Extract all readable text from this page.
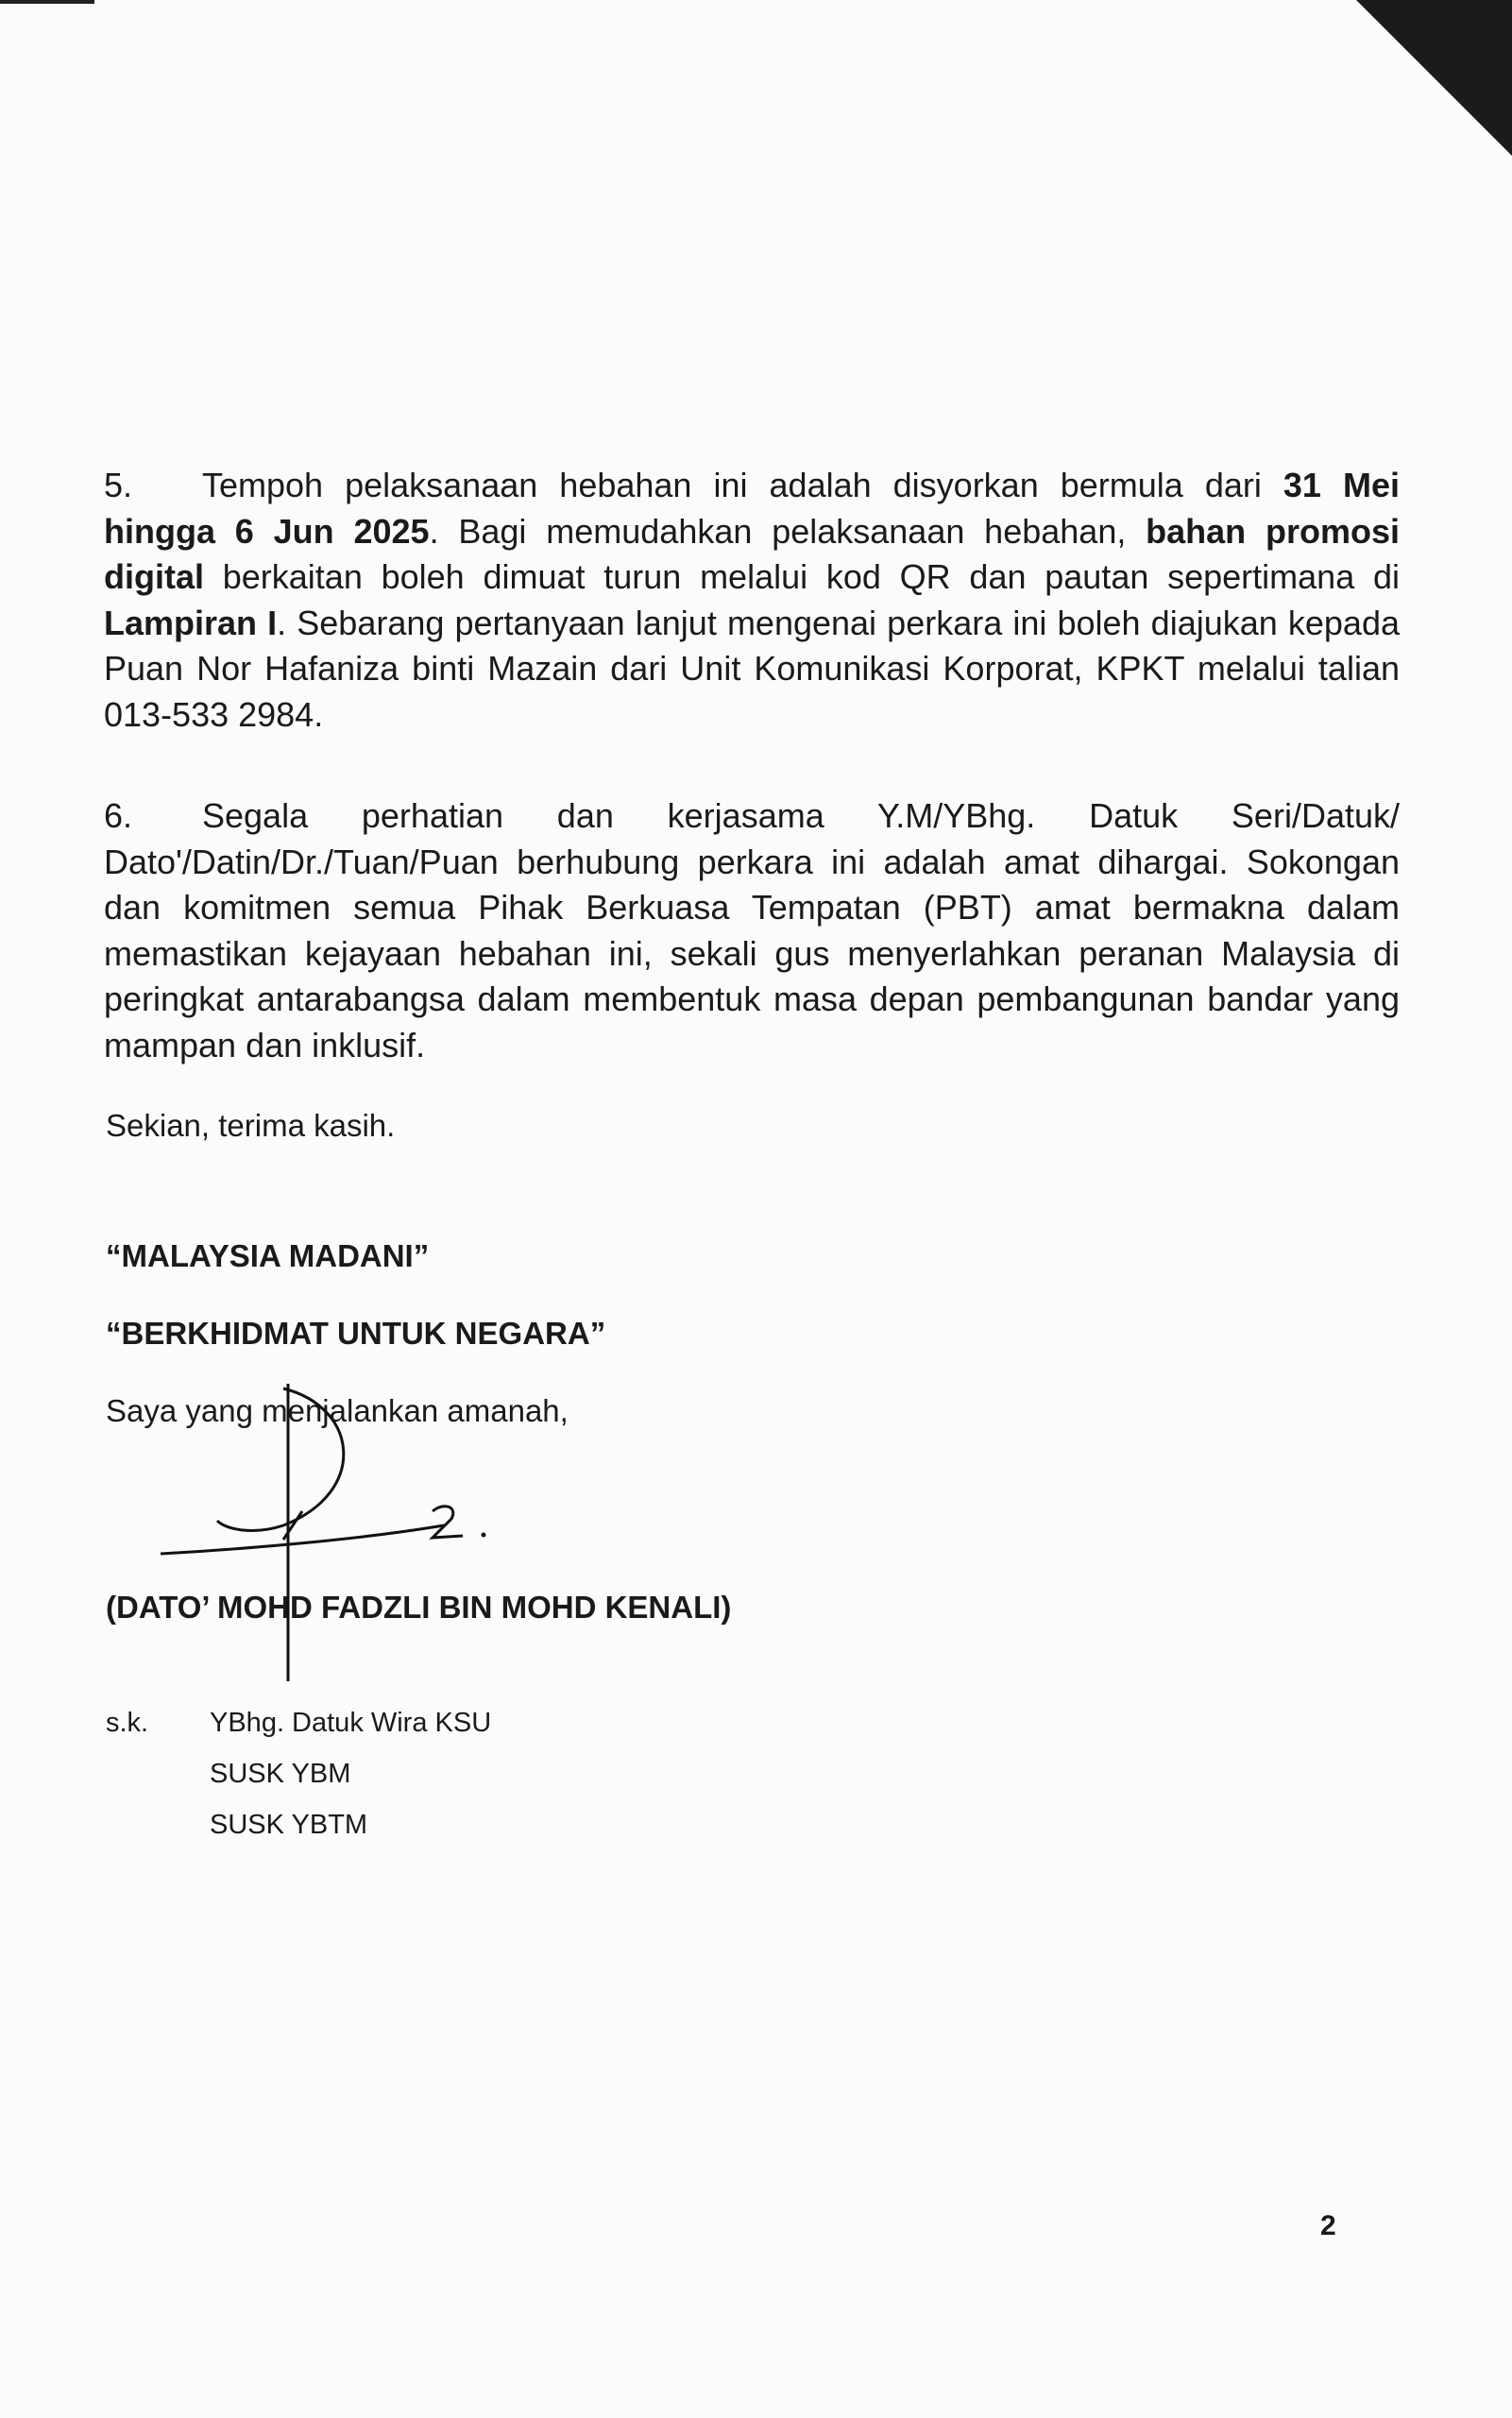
5. Tempoh pelaksanaan hebahan ini adalah disyorkan bermula dari 31 Mei hingga 6 Jun 2025. Bagi memudahkan pelaksanaan hebahan, bahan promosi digital berkaitan boleh dimuat turun melalui kod QR dan pautan sepertimana di Lampiran I. Sebarang pertanyaan lanjut mengenai perkara ini boleh diajukan kepada Puan Nor Hafaniza binti Mazain dari Unit Komunikasi Korporat, KPKT melalui talian 013-533 2984.
6. Segala perhatian dan kerjasama Y.M/YBhg. Datuk Seri/Datuk/ Dato'/Datin/Dr./Tuan/Puan berhubung perkara ini adalah amat dihargai. Sokongan dan komitmen semua Pihak Berkuasa Tempatan (PBT) amat bermakna dalam memastikan kejayaan hebahan ini, sekali gus menyerlahkan peranan Malaysia di peringkat antarabangsa dalam membentuk masa depan pembangunan bandar yang mampan dan inklusif.
Sekian, terima kasih.
“MALAYSIA MADANI”
“BERKHIDMAT UNTUK NEGARA”
Saya yang menjalankan amanah,
(DATO’ MOHD FADZLI BIN MOHD KENALI)
s.k. YBhg. Datuk Wira KSU
SUSK YBM
SUSK YBTM
2
